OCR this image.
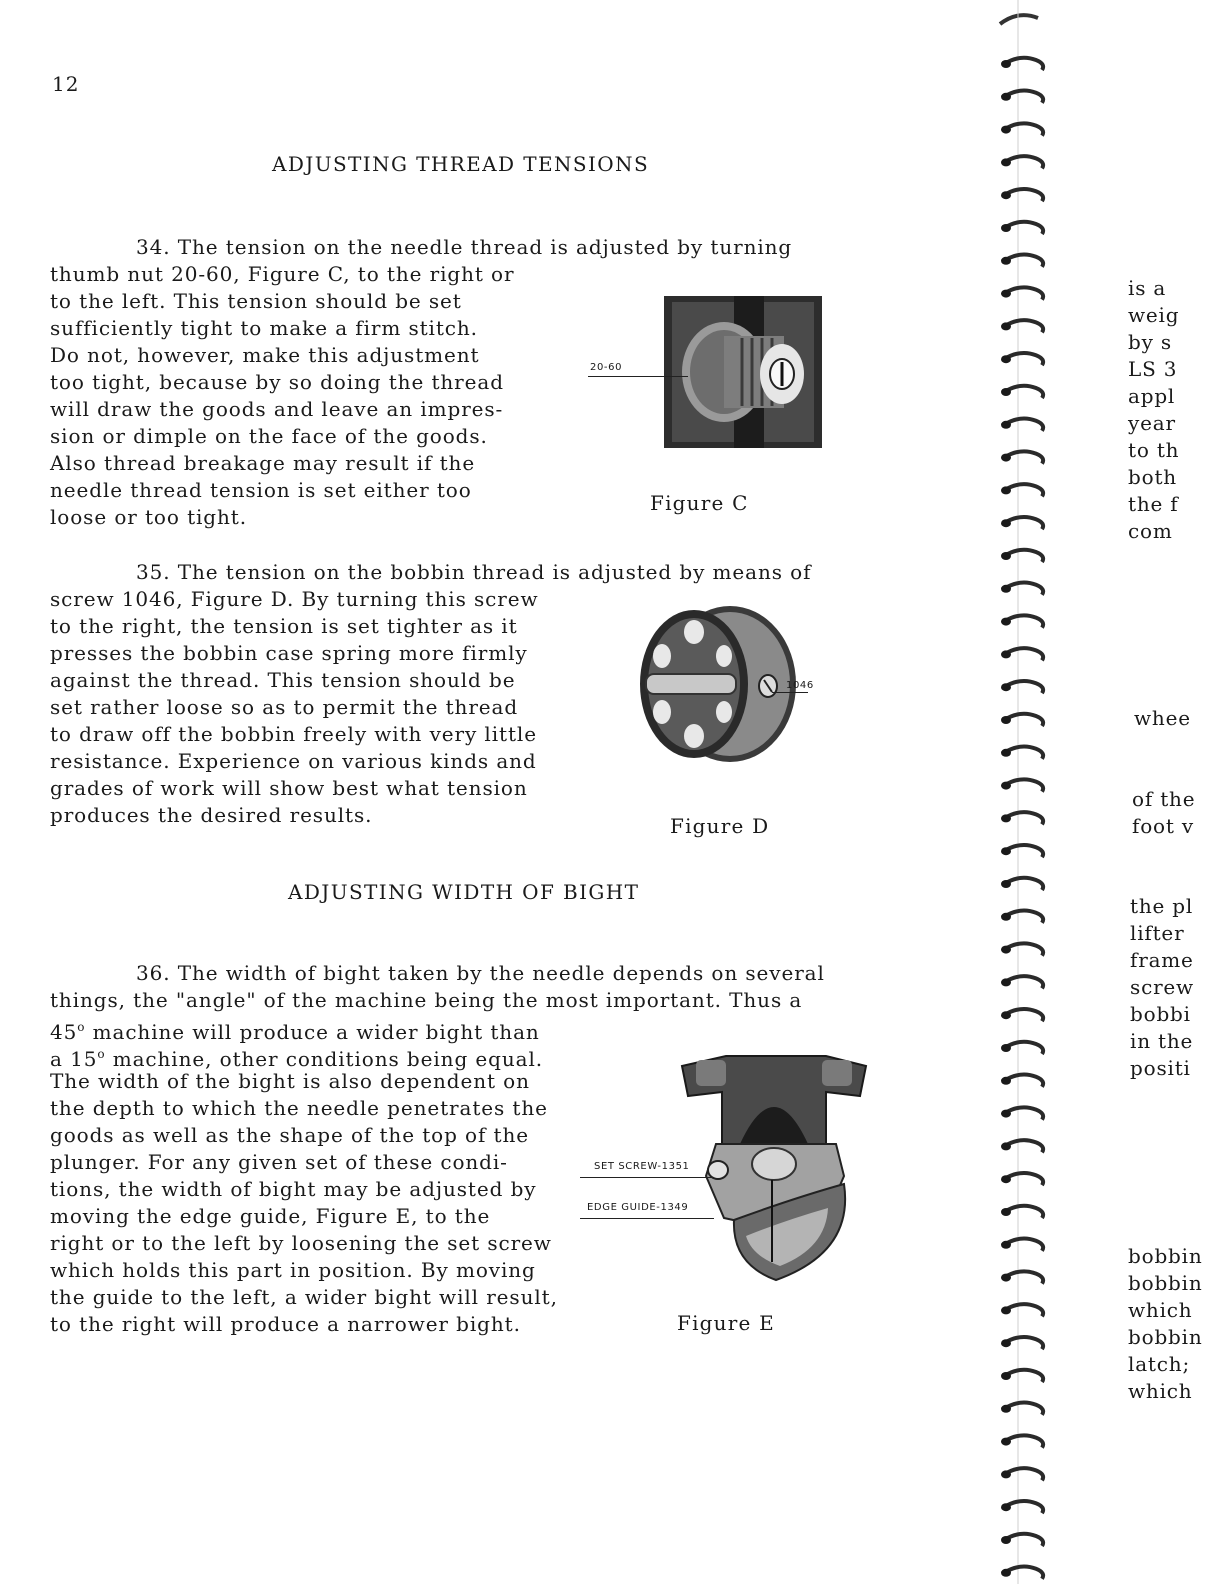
12
ADJUSTING THREAD TENSIONS
34. The tension on the needle thread is adjusted by turning
thumb nut 20-60, Figure C, to the right or
to the left. This tension should be set
sufficiently tight to make a firm stitch.
Do not, however, make this adjustment
too tight, because by so doing the thread
will draw the goods and leave an impres-
sion or dimple on the face of the goods.
Also thread breakage may result if the
needle thread tension is set either too
loose or too tight.
20-60
Figure C
35. The tension on the bobbin thread is adjusted by means of
screw 1046, Figure D. By turning this screw
to the right, the tension is set tighter as it
presses the bobbin case spring more firmly
against the thread. This tension should be
set rather loose so as to permit the thread
to draw off the bobbin freely with very little
resistance. Experience on various kinds and
grades of work will show best what tension
produces the desired results.
1046
Figure D
ADJUSTING WIDTH OF BIGHT
36. The width of bight taken by the needle depends on several
things, the "angle" of the machine being the most important. Thus a
45$^o$ machine will produce a wider bight than
a 15$^o$ machine, other conditions being equal.
The width of the bight is also dependent on
the depth to which the needle penetrates the
goods as well as the shape of the top of the
plunger. For any given set of these condi-
tions, the width of bight may be adjusted by
moving the edge guide, Figure E, to the
right or to the left by loosening the set screw
which holds this part in position. By moving
the guide to the left, a wider bight will result,
to the right will produce a narrower bight.
SET SCREW-1351
EDGE GUIDE-1349
Figure E
is a
weig
by s
LS 3
appl
year
to th
both
the f
com
whee
of the
foot v
the pl
lifter
frame
screw
bobbi
in the
positi
bobbin
bobbin
which
bobbin
latch;
which
